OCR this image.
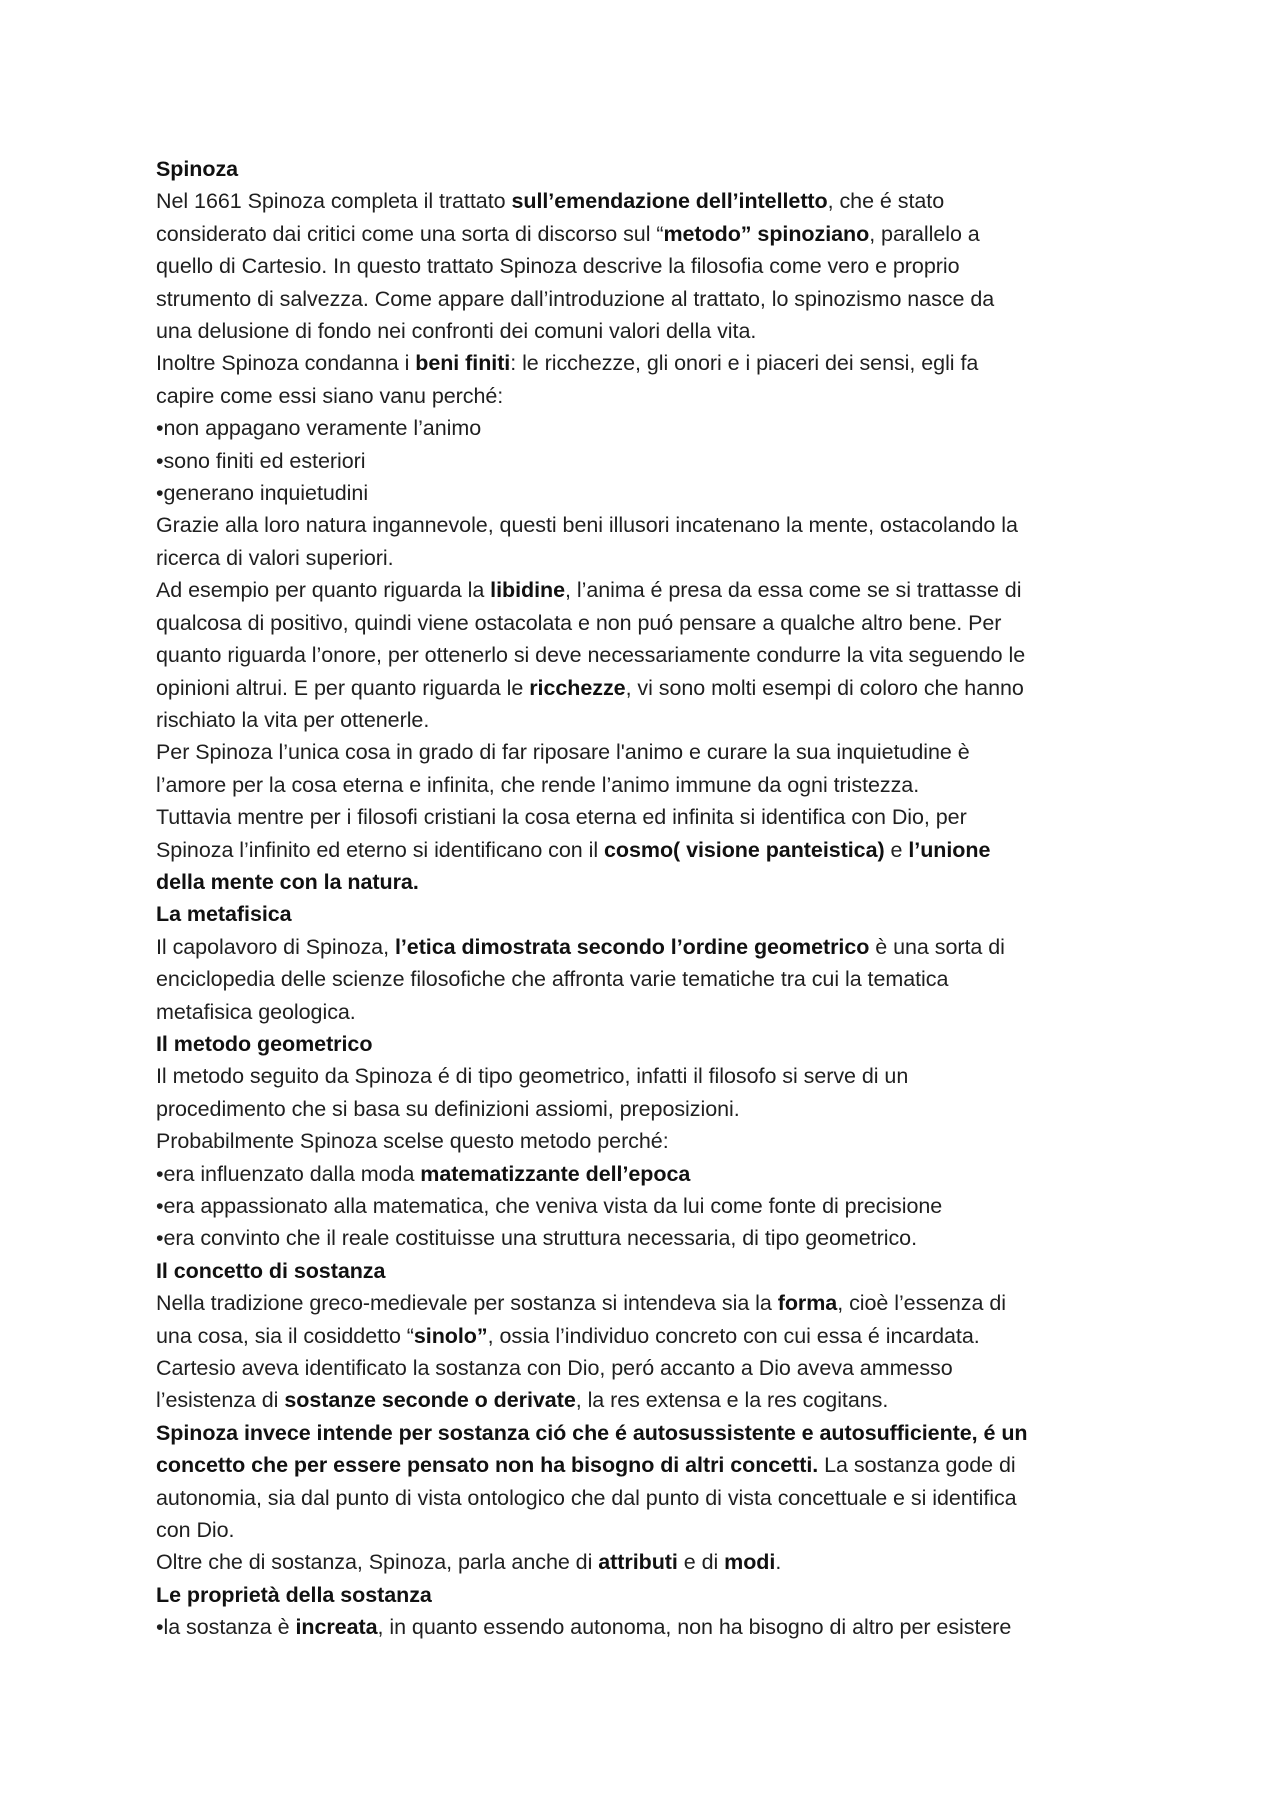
Spinoza

Nel 1661 Spinoza completa il trattato sull’emendazione dell’intelletto, che é stato

considerato dai critici come una sorta di discorso sul “metodo” spinoziano, parallelo a

quello di Cartesio. In questo trattato Spinoza descrive la filosofia come vero e proprio

strumento di salvezza. Come appare dall’introduzione al trattato, lo spinozismo nasce da

una delusione di fondo nei confronti dei comuni valori della vita.

Inoltre Spinoza condanna i beni finiti: le ricchezze, gli onori e i piaceri dei sensi, egli fa

capire come essi siano vanu perché:

•non appagano veramente l’animo

•sono finiti ed esteriori

•generano inquietudini

Grazie alla loro natura ingannevole, questi beni illusori incatenano la mente, ostacolando la

ricerca di valori superiori.

Ad esempio per quanto riguarda la libidine, l’anima é presa da essa come se si trattasse di

qualcosa di positivo, quindi viene ostacolata e non puó pensare a qualche altro bene. Per

quanto riguarda l’onore, per ottenerlo si deve necessariamente condurre la vita seguendo le

opinioni altrui. E per quanto riguarda le ricchezze, vi sono molti esempi di coloro che hanno

rischiato la vita per ottenerle.

Per Spinoza l’unica cosa in grado di far riposare l'animo e curare la sua inquietudine è

l’amore per la cosa eterna e infinita, che rende l’animo immune da ogni tristezza.

Tuttavia mentre per i filosofi cristiani la cosa eterna ed infinita si identifica con Dio, per

Spinoza l’infinito ed eterno si identificano con il cosmo( visione panteistica) e l’unione

della mente con la natura.

La metafisica

Il capolavoro di Spinoza, l’etica dimostrata secondo l’ordine geometrico è una sorta di

enciclopedia delle scienze filosofiche che affronta varie tematiche tra cui la tematica

metafisica geologica.

Il metodo geometrico

Il metodo seguito da Spinoza é di tipo geometrico, infatti il filosofo si serve di un

procedimento che si basa su definizioni assiomi, preposizioni.

Probabilmente Spinoza scelse questo metodo perché:

•era influenzato dalla moda matematizzante dell’epoca

•era appassionato alla matematica, che veniva vista da lui come fonte di precisione

•era convinto che il reale costituisse una struttura necessaria, di tipo geometrico.

Il concetto di sostanza

Nella tradizione greco-medievale per sostanza si intendeva sia la forma, cioè l’essenza di

una cosa, sia il cosiddetto “sinolo”, ossia l’individuo concreto con cui essa é incardata.

Cartesio aveva identificato la sostanza con Dio, peró accanto a Dio aveva ammesso

l’esistenza di sostanze seconde o derivate, la res extensa e la res cogitans.

Spinoza invece intende per sostanza ció che é autosussistente e autosufficiente, é un

concetto che per essere pensato non ha bisogno di altri concetti. La sostanza gode di

autonomia, sia dal punto di vista ontologico che dal punto di vista concettuale e si identifica

con Dio.

Oltre che di sostanza, Spinoza, parla anche di attributi e di modi.

Le proprietà della sostanza

•la sostanza è increata, in quanto essendo autonoma, non ha bisogno di altro per esistere
